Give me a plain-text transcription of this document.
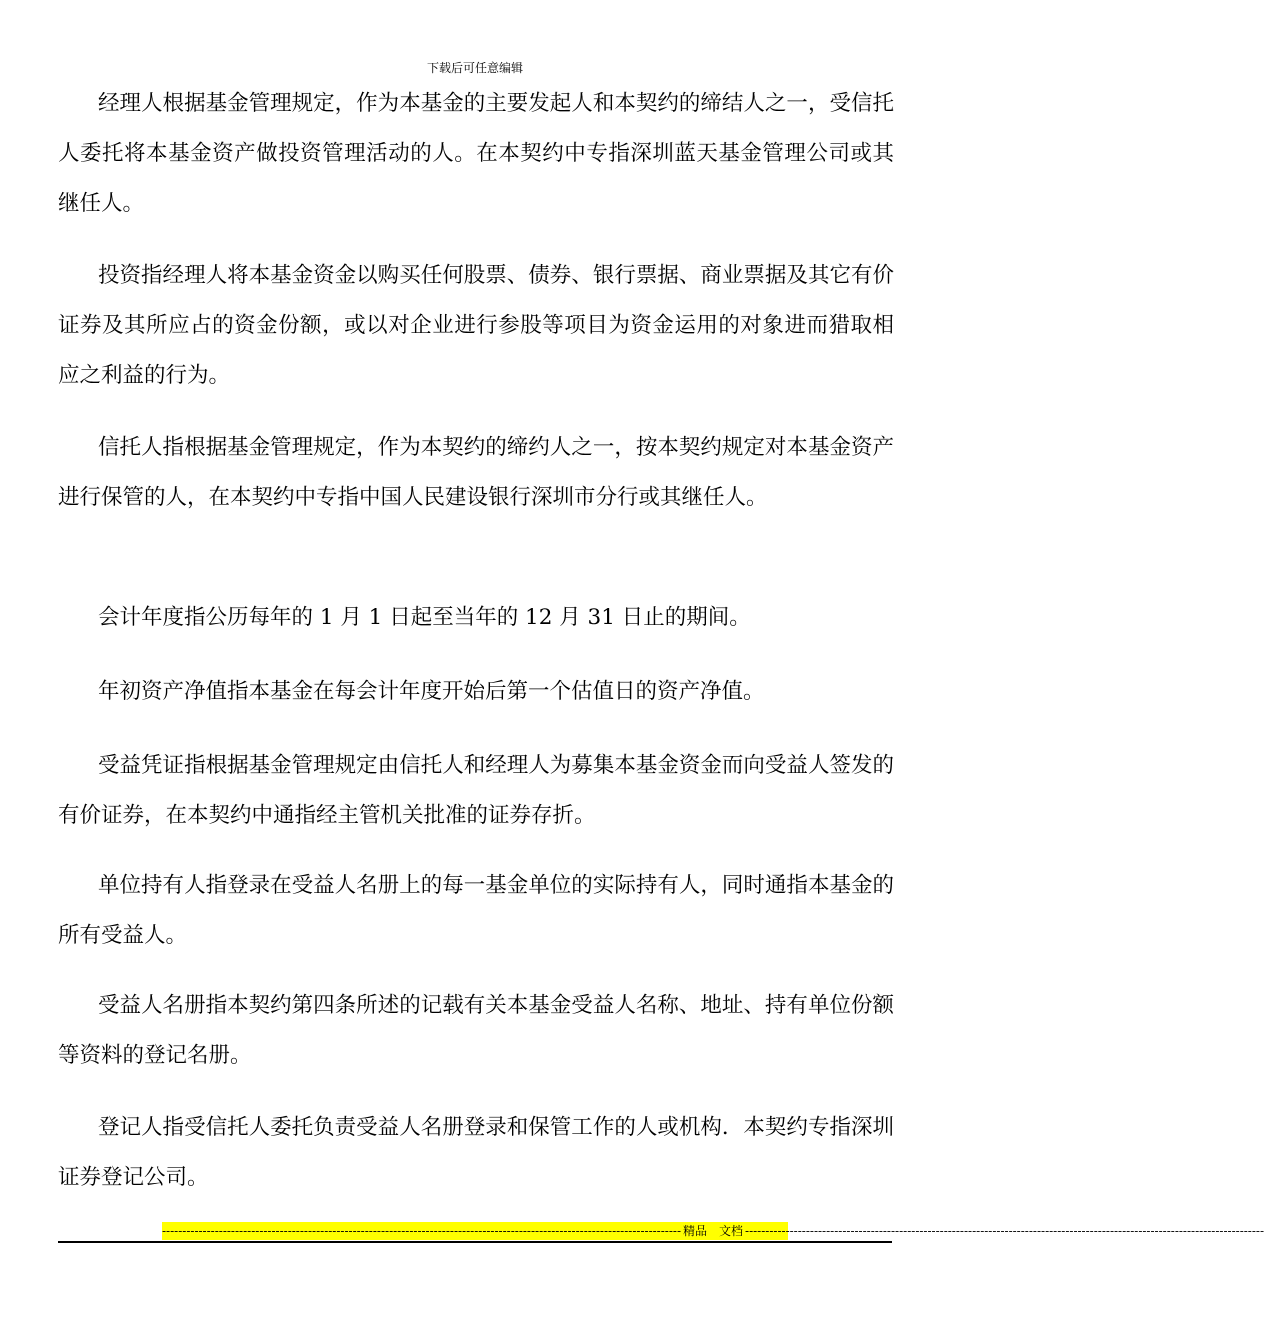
下载后可任意编辑

经理人根据基金管理规定，作为本基金的主要发起人和本契约的缔结人之一，受信托人委托将本基金资产做投资管理活动的人。在本契约中专指深圳蓝天基金管理公司或其继任人。

投资指经理人将本基金资金以购买任何股票、债券、银行票据、商业票据及其它有价证券及其所应占的资金份额，或以对企业进行参股等项目为资金运用的对象进而猎取相应之利益的行为。

信托人指根据基金管理规定，作为本契约的缔约人之一，按本契约规定对本基金资产进行保管的人，在本契约中专指中国人民建设银行深圳市分行或其继任人。

会计年度指公历每年的 1 月 1 日起至当年的 12 月 31 日止的期间。

年初资产净值指本基金在每会计年度开始后第一个估值日的资产净值。

受益凭证指根据基金管理规定由信托人和经理人为募集本基金资金而向受益人签发的有价证券，在本契约中通指经主管机关批准的证券存折。

单位持有人指登录在受益人名册上的每一基金单位的实际持有人，同时通指本基金的所有受益人。

受益人名册指本契约第四条所述的记载有关本基金受益人名称、地址、持有单位份额等资料的登记名册。

登记人指受信托人委托负责受益人名册登录和保管工作的人或机构．本契约专指深圳证券登记公司。

-------------------------------------------------------------------------------------------------------------------------------- 精品　文档 --------------------------------------------------------------------------------------------------------------------------------
